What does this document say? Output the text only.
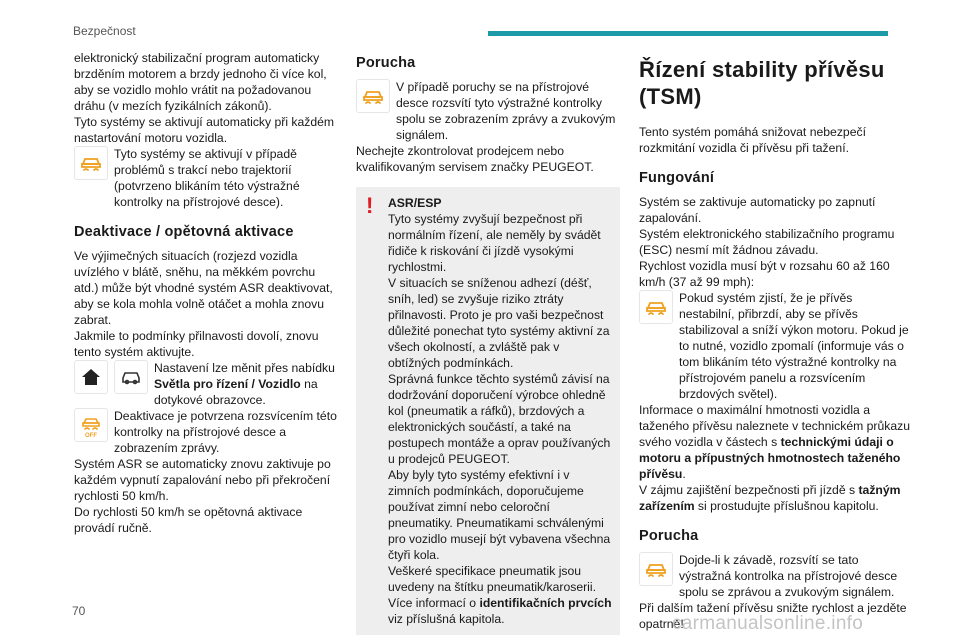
Bezpečnost

elektronický stabilizační program automaticky brzděním motorem a brzdy jednoho či více kol, aby se vozidlo mohlo vrátit na požadovanou dráhu (v mezích fyzikálních zákonů).

Tyto systémy se aktivují automaticky při každém nastartování motoru vozidla.

Tyto systémy se aktivují v případě problémů s trakcí nebo trajektorií (potvrzeno blikáním této výstražné kontrolky na přístrojové desce).

Deaktivace / opětovná aktivace

Ve výjimečných situacích (rozjezd vozidla uvízlého v blátě, sněhu, na měkkém povrchu atd.) může být vhodné systém ASR deaktivovat, aby se kola mohla volně otáčet a mohla znovu zabrat.

Jakmile to podmínky přilnavosti dovolí, znovu tento systém aktivujte.

Nastavení lze měnit přes nabídku Světla pro řízení / Vozidlo na dotykové obrazovce.

OFF

Deaktivace je potvrzena rozsvícením této kontrolky na přístrojové desce a zobrazením zprávy.

Systém ASR se automaticky znovu zaktivuje po každém vypnutí zapalování nebo při překročení rychlosti 50 km/h.

Do rychlosti 50 km/h se opětovná aktivace provádí ručně.

Porucha

V případě poruchy se na přístrojové desce rozsvítí tyto výstražné kontrolky spolu se zobrazením zprávy a zvukovým signálem.

Nechejte zkontrolovat prodejcem nebo kvalifikovaným servisem značky PEUGEOT.

!	ASR/ESP

Tyto systémy zvyšují bezpečnost při normálním řízení, ale neměly by svádět řidiče k riskování či jízdě vysokými rychlostmi.

V situacích se sníženou adhezí (déšť, sníh, led) se zvyšuje riziko ztráty přilnavosti. Proto je pro vaši bezpečnost důležité ponechat tyto systémy aktivní za všech okolností, a zvláště pak v obtížných podmínkách.

Správná funkce těchto systémů závisí na dodržování doporučení výrobce ohledně kol (pneumatik a ráfků), brzdových a elektronických součástí, a také na postupech montáže a oprav používaných u prodejců PEUGEOT.

Aby byly tyto systémy efektivní i v zimních podmínkách, doporučujeme používat zimní nebo celoroční pneumatiky. Pneumatikami schválenými pro vozidlo musejí být vybavena všechna čtyři kola.

Veškeré specifikace pneumatik jsou uvedeny na štítku pneumatik/karoserii. Více informací o identifikačních prvcích viz příslušná kapitola.

Řízení stability přívěsu (TSM)

Tento systém pomáhá snižovat nebezpečí rozkmitání vozidla či přívěsu při tažení.

Fungování

Systém se zaktivuje automaticky po zapnutí zapalování.

Systém elektronického stabilizačního programu (ESC) nesmí mít žádnou závadu.

Rychlost vozidla musí být v rozsahu 60 až 160 km/h (37 až 99 mph):

Pokud systém zjistí, že je přívěs nestabilní, přibrzdí, aby se přívěs stabilizoval a sníží výkon motoru. Pokud je to nutné, vozidlo zpomalí (informuje vás o tom blikáním této výstražné kontrolky na přístrojovém panelu a rozsvícením brzdových světel).

Informace o maximální hmotnosti vozidla a taženého přívěsu naleznete v technickém průkazu svého vozidla v částech s technickými údaji o motoru a přípustných hmotnostech taženého přívěsu.

V zájmu zajištění bezpečnosti při jízdě s tažným zařízením si prostudujte příslušnou kapitolu.

Porucha

Dojde-li k závadě, rozsvítí se tato výstražná kontrolka na přístrojové desce spolu se zprávou a zvukovým signálem.

Při dalším tažení přívěsu snižte rychlost a jezděte opatrně!

70
carmanualsonline.info
